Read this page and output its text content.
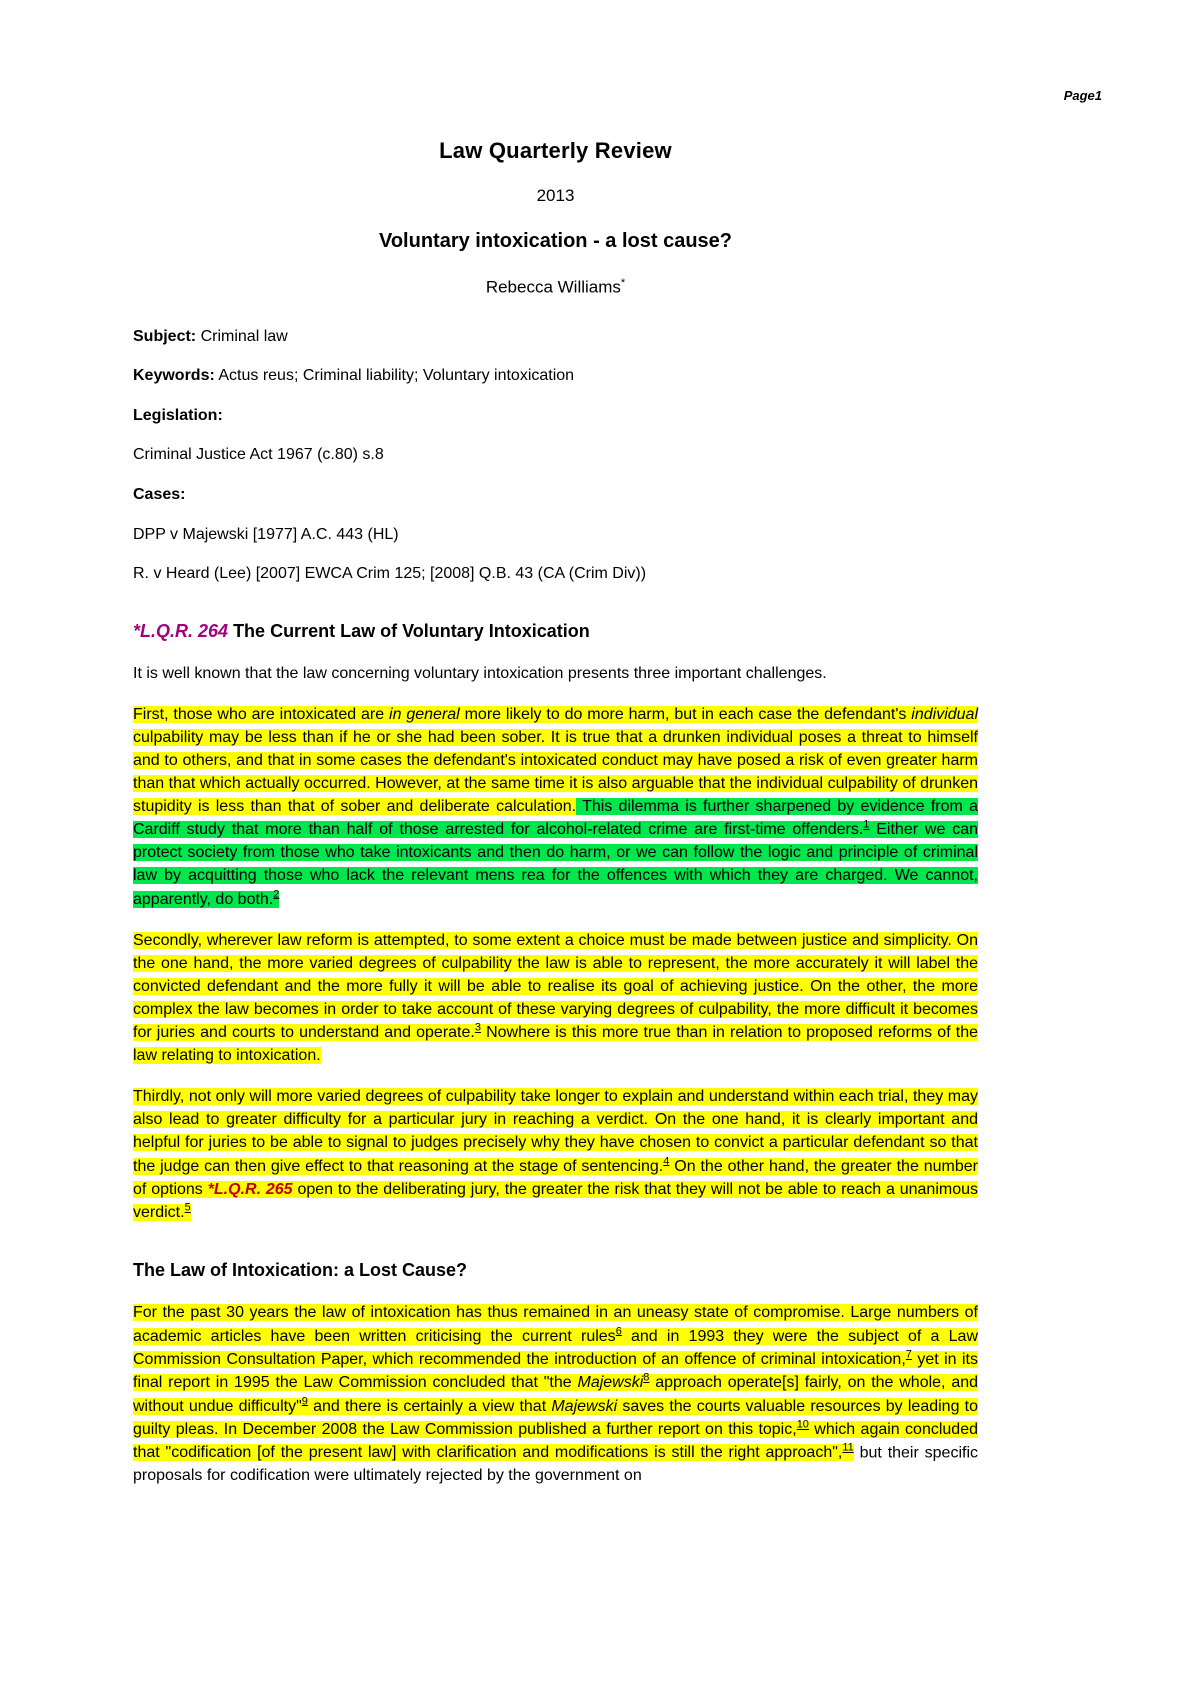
Page1
Law Quarterly Review
2013
Voluntary intoxication - a lost cause?
Rebecca Williams*

Subject: Criminal law

Keywords: Actus reus; Criminal liability; Voluntary intoxication

Legislation:

Criminal Justice Act 1967 (c.80) s.8

Cases:

DPP v Majewski [1977] A.C. 443 (HL)

R. v Heard (Lee) [2007] EWCA Crim 125; [2008] Q.B. 43 (CA (Crim Div))

*L.Q.R. 264 The Current Law of Voluntary Intoxication

It is well known that the law concerning voluntary intoxication presents three important challenges.

First, those who are intoxicated are in general more likely to do more harm, but in each case the defendant's individual culpability may be less than if he or she had been sober. It is true that a drunken individual poses a threat to himself and to others, and that in some cases the defendant's intoxicated conduct may have posed a risk of even greater harm than that which actually occurred. However, at the same time it is also arguable that the individual culpability of drunken stupidity is less than that of sober and deliberate calculation. This dilemma is further sharpened by evidence from a Cardiff study that more than half of those arrested for alcohol-related crime are first-time offenders.$^1$ Either we can protect society from those who take intoxicants and then do harm, or we can follow the logic and principle of criminal law by acquitting those who lack the relevant mens rea for the offences with which they are charged. We cannot, apparently, do both.$^2$

Secondly, wherever law reform is attempted, to some extent a choice must be made between justice and simplicity. On the one hand, the more varied degrees of culpability the law is able to represent, the more accurately it will label the convicted defendant and the more fully it will be able to realise its goal of achieving justice. On the other, the more complex the law becomes in order to take account of these varying degrees of culpability, the more difficult it becomes for juries and courts to understand and operate.$^3$ Nowhere is this more true than in relation to proposed reforms of the law relating to intoxication.

Thirdly, not only will more varied degrees of culpability take longer to explain and understand within each trial, they may also lead to greater difficulty for a particular jury in reaching a verdict. On the one hand, it is clearly important and helpful for juries to be able to signal to judges precisely why they have chosen to convict a particular defendant so that the judge can then give effect to that reasoning at the stage of sentencing.$^4$ On the other hand, the greater the number of options *L.Q.R. 265 open to the deliberating jury, the greater the risk that they will not be able to reach a unanimous verdict.$^5$

The Law of Intoxication: a Lost Cause?

For the past 30 years the law of intoxication has thus remained in an uneasy state of compromise. Large numbers of academic articles have been written criticising the current rules$^6$ and in 1993 they were the subject of a Law Commission Consultation Paper, which recommended the introduction of an offence of criminal intoxication,$^7$ yet in its final report in 1995 the Law Commission concluded that "the Majewski$^8$ approach operate[s] fairly, on the whole, and without undue difficulty"$^9$ and there is certainly a view that Majewski saves the courts valuable resources by leading to guilty pleas. In December 2008 the Law Commission published a further report on this topic,$^{10}$ which again concluded that "codification [of the present law] with clarification and modifications is still the right approach",$^{11}$ but their specific proposals for codification were ultimately rejected by the government on
